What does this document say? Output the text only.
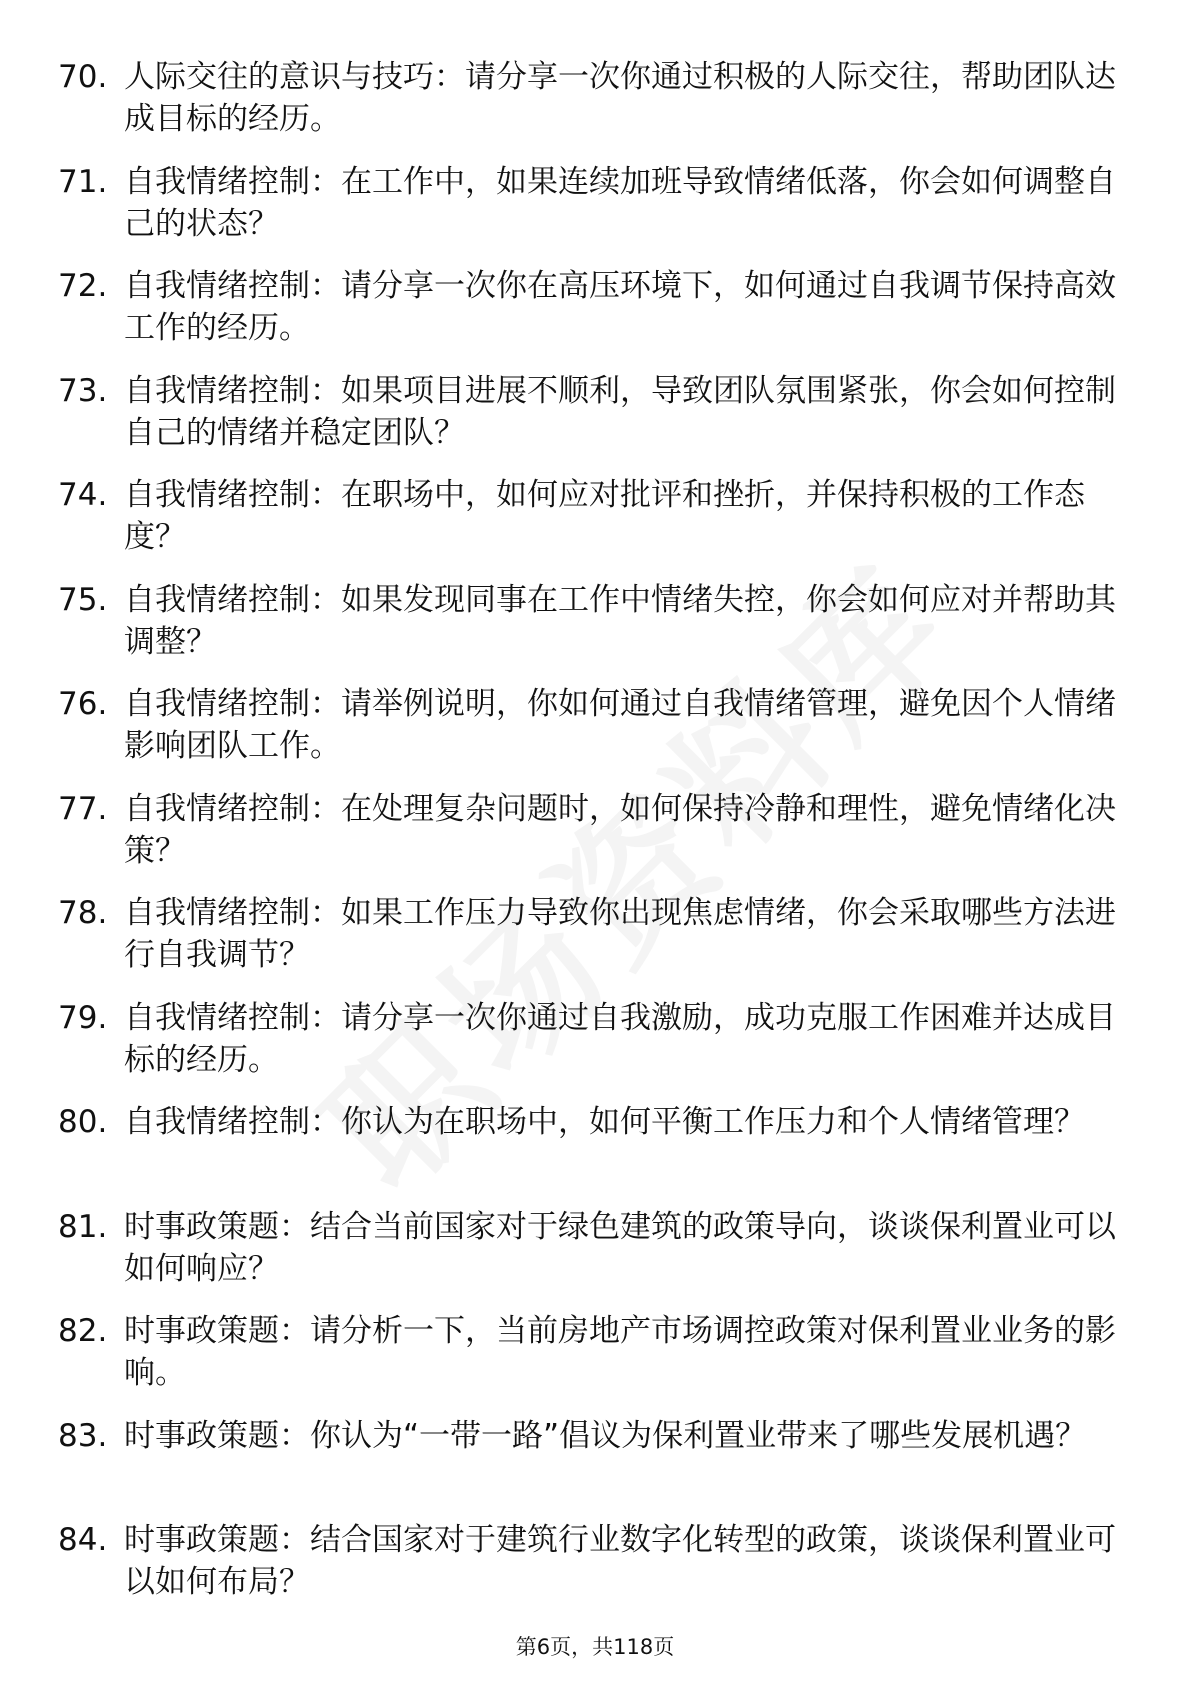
70. 人际交往的意识与技巧：请分享一次你通过积极的人际交往，帮助团队达成目标的经历。
71. 自我情绪控制：在工作中，如果连续加班导致情绪低落，你会如何调整自己的状态？
72. 自我情绪控制：请分享一次你在高压环境下，如何通过自我调节保持高效工作的经历。
73. 自我情绪控制：如果项目进展不顺利，导致团队氛围紧张，你会如何控制自己的情绪并稳定团队？
74. 自我情绪控制：在职场中，如何应对批评和挫折，并保持积极的工作态度？
75. 自我情绪控制：如果发现同事在工作中情绪失控，你会如何应对并帮助其调整？
76. 自我情绪控制：请举例说明，你如何通过自我情绪管理，避免因个人情绪影响团队工作。
77. 自我情绪控制：在处理复杂问题时，如何保持冷静和理性，避免情绪化决策？
78. 自我情绪控制：如果工作压力导致你出现焦虑情绪，你会采取哪些方法进行自我调节？
79. 自我情绪控制：请分享一次你通过自我激励，成功克服工作困难并达成目标的经历。
80. 自我情绪控制：你认为在职场中，如何平衡工作压力和个人情绪管理？
81. 时事政策题：结合当前国家对于绿色建筑的政策导向，谈谈保利置业可以如何响应？
82. 时事政策题：请分析一下，当前房地产市场调控政策对保利置业业务的影响。
83. 时事政策题：你认为“一带一路”倡议为保利置业带来了哪些发展机遇？
84. 时事政策题：结合国家对于建筑行业数字化转型的政策，谈谈保利置业可以如何布局？
第6页，共118页
